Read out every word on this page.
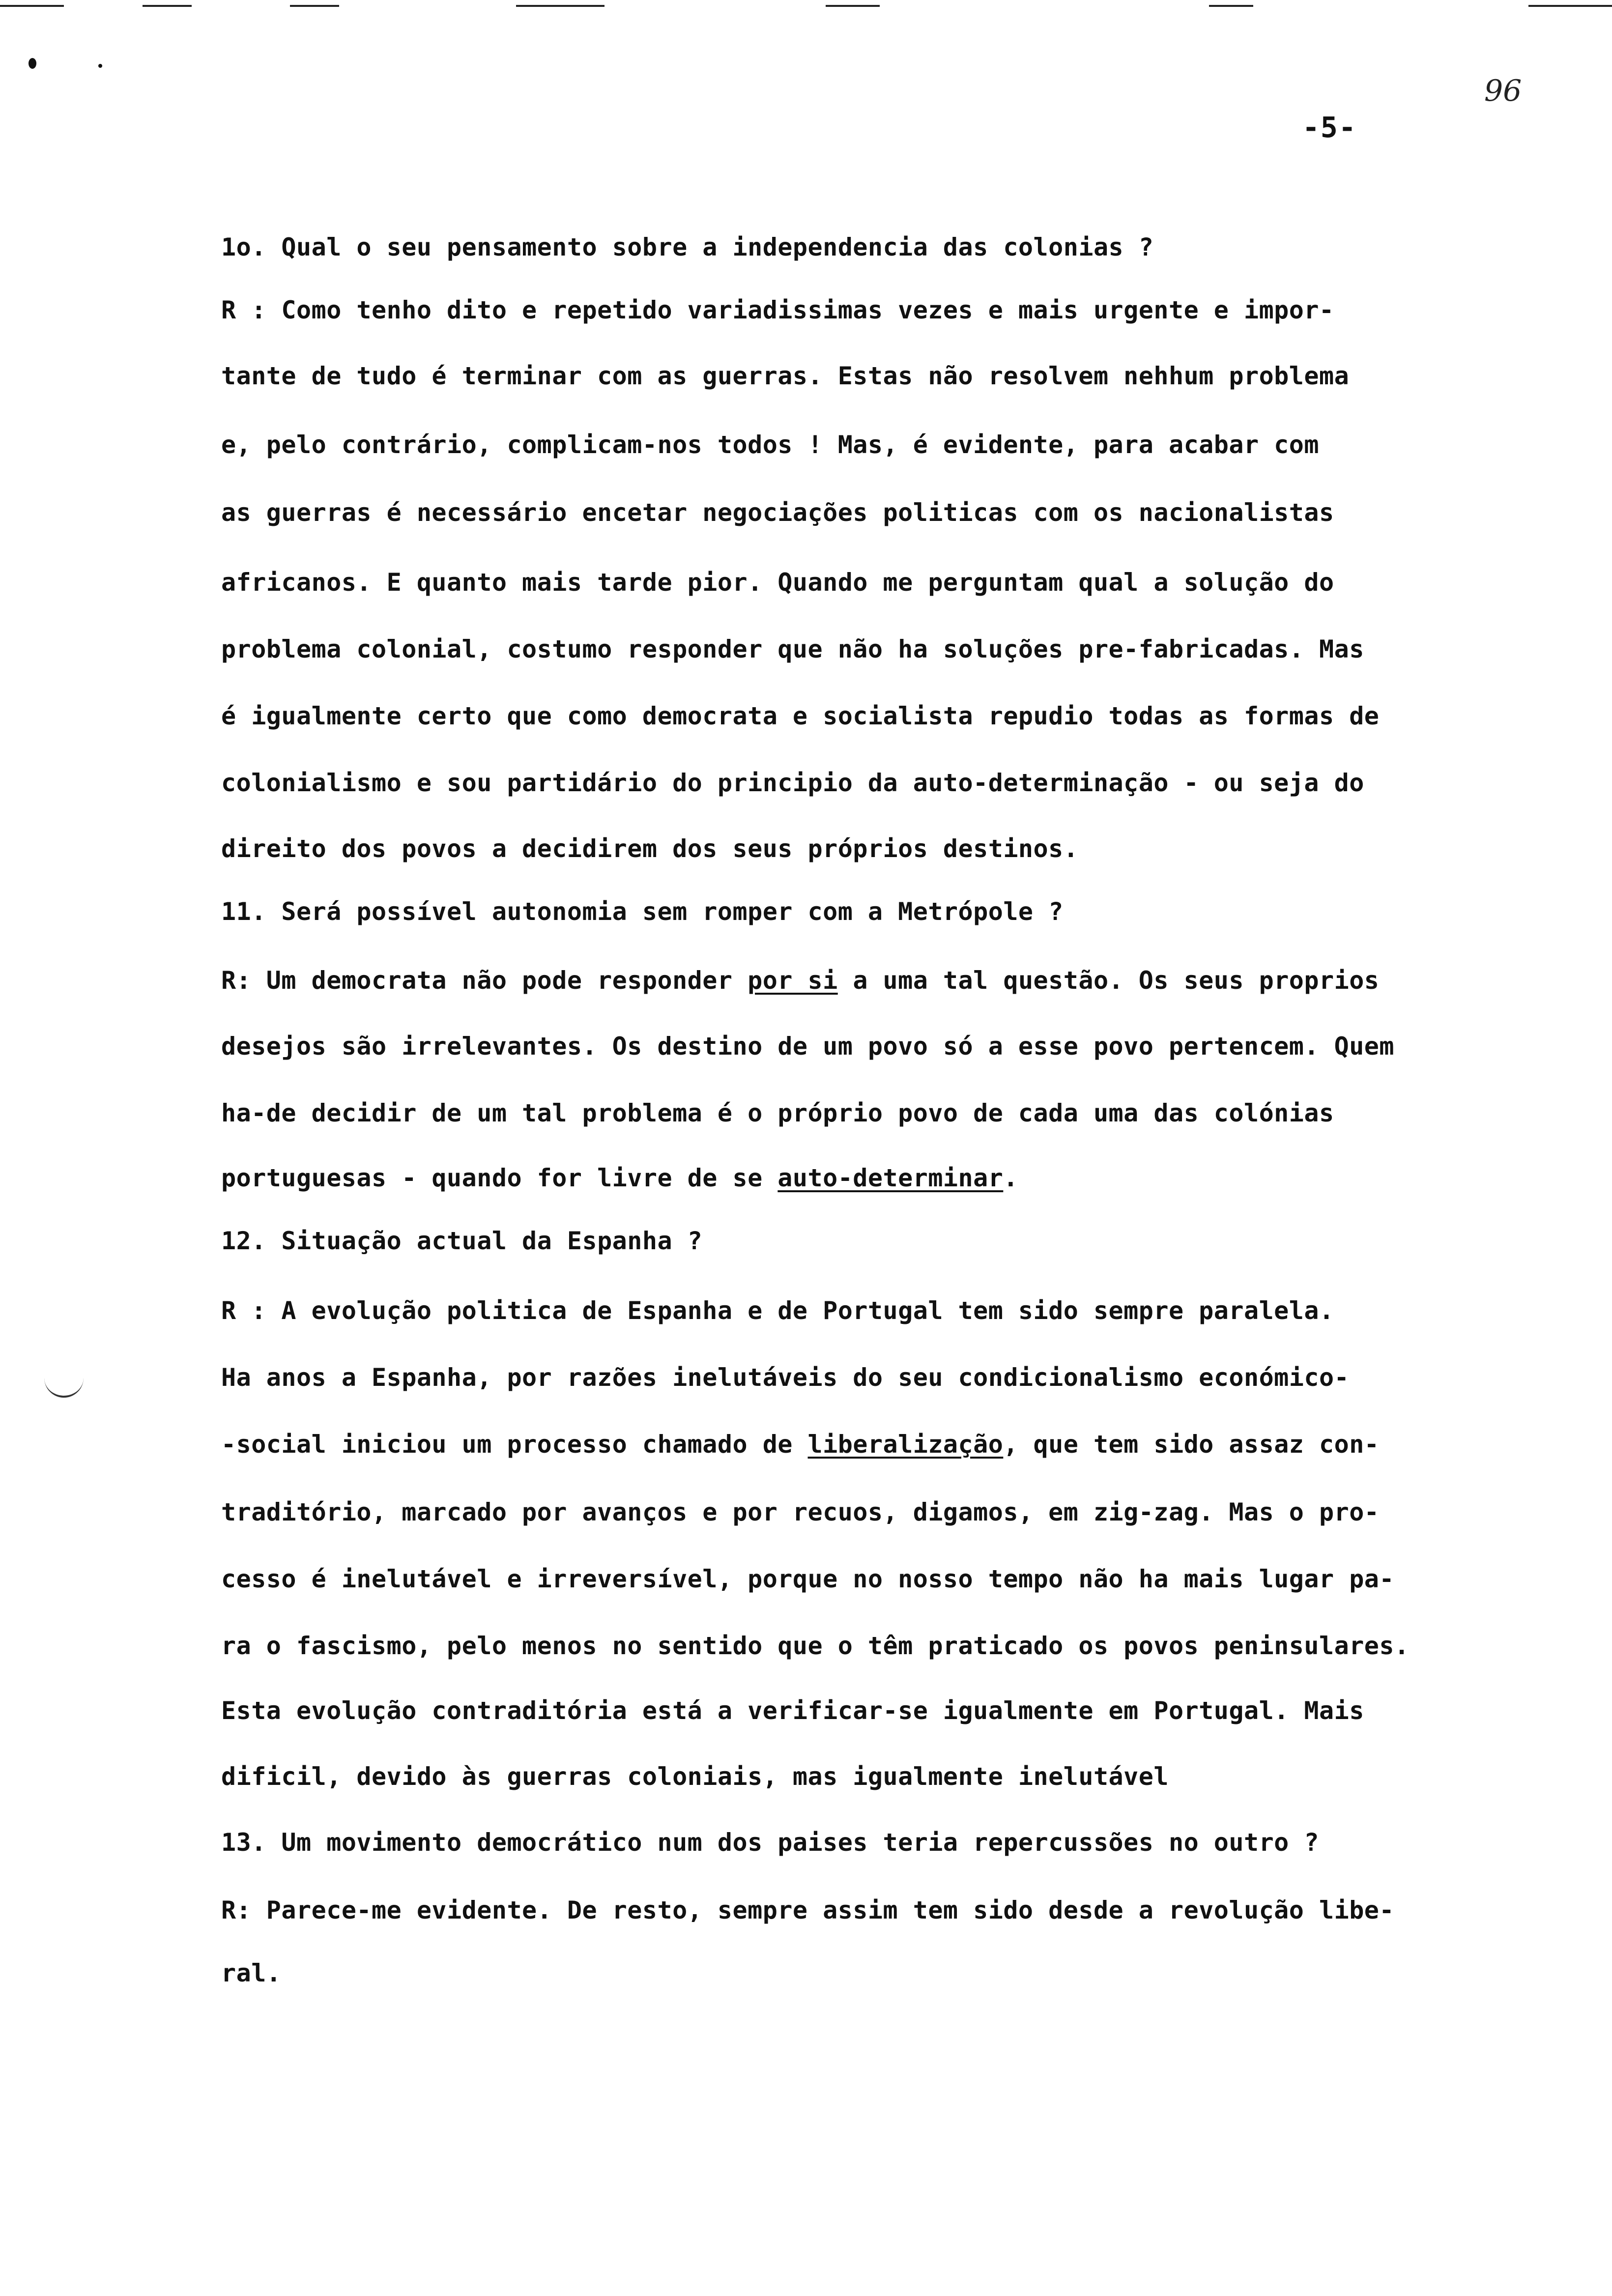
96
-5-
1o. Qual o seu pensamento sobre a independencia das colonias ?
R : Como tenho dito e repetido variadissimas vezes e mais urgente e impor-
tante de tudo é terminar com as guerras. Estas não resolvem nehhum problema
e, pelo contrário, complicam-nos todos ! Mas, é evidente, para acabar com
as guerras é necessário encetar negociações politicas com os nacionalistas
africanos. E quanto mais tarde pior. Quando me perguntam qual a solução do
problema colonial, costumo responder que não ha soluções pre-fabricadas. Mas
é igualmente certo que como democrata e socialista repudio todas as formas de
colonialismo e sou partidário do principio da auto-determinação - ou seja do
direito dos povos a decidirem dos seus próprios destinos.
11. Será possível autonomia sem romper com a Metrópole ?
R: Um democrata não pode responder por si a uma tal questão. Os seus proprios
desejos são irrelevantes. Os destino de um povo só a esse povo pertencem. Quem
ha-de decidir de um tal problema é o próprio povo de cada uma das colónias
portuguesas - quando for livre de se auto-determinar.
12. Situação actual da Espanha ?
R : A evolução politica de Espanha e de Portugal tem sido sempre paralela.
Ha anos a Espanha, por razões inelutáveis do seu condicionalismo económico-
-social iniciou um processo chamado de liberalização, que tem sido assaz con-
traditório, marcado por avanços e por recuos, digamos, em zig-zag. Mas o pro-
cesso é inelutável e irreversível, porque no nosso tempo não ha mais lugar pa-
ra o fascismo, pelo menos no sentido que o têm praticado os povos peninsulares.
Esta evolução contraditória está a verificar-se igualmente em Portugal. Mais
dificil, devido às guerras coloniais, mas igualmente inelutável
13. Um movimento democrático num dos paises teria repercussões no outro ?
R: Parece-me evidente. De resto, sempre assim tem sido desde a revolução libe-
ral.
